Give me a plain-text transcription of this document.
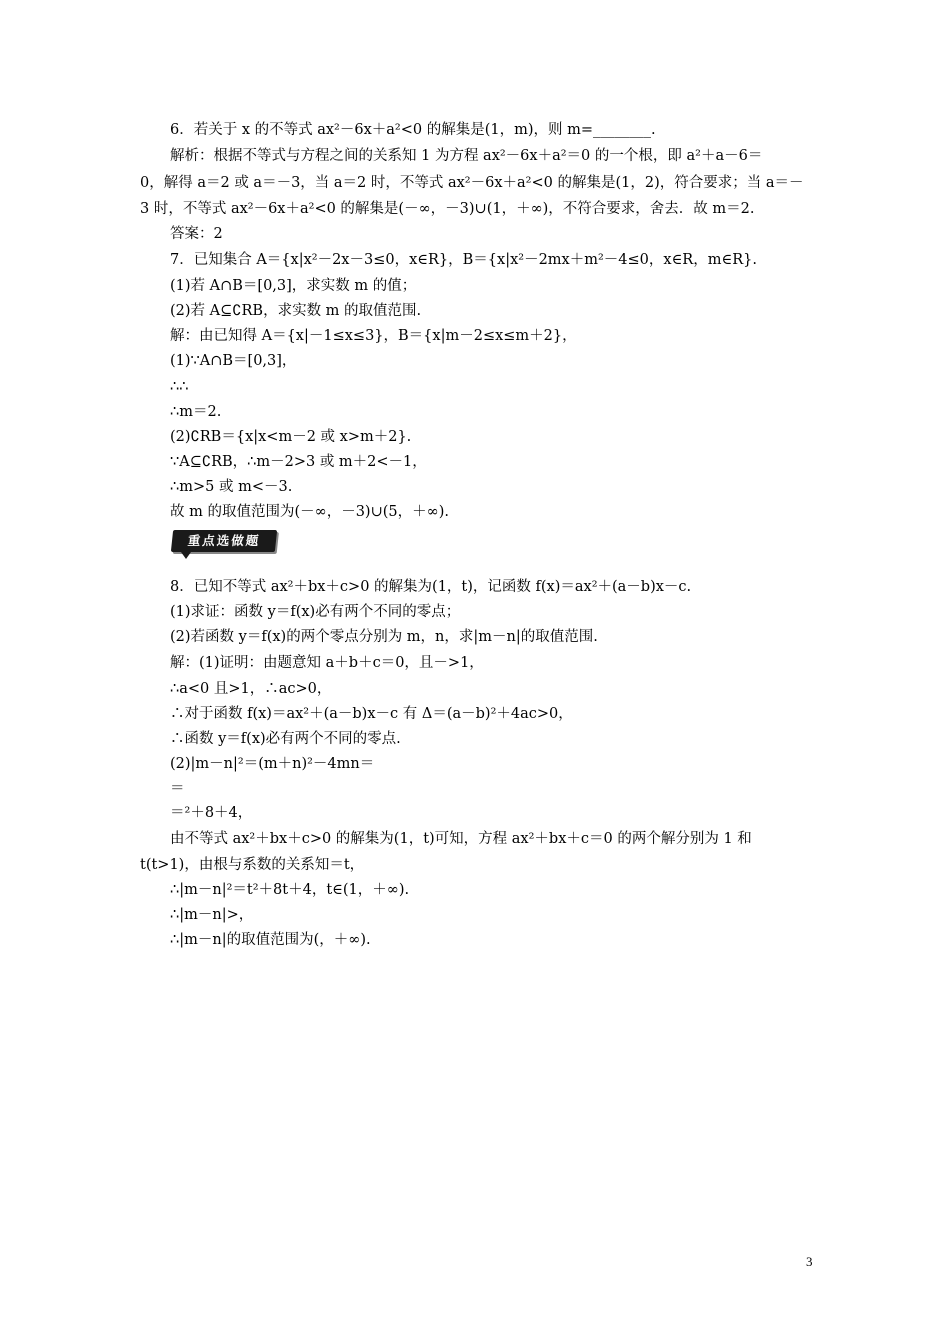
6．若关于 x 的不等式 ax²－6x＋a²<0 的解集是(1，m)，则 m=________.
解析：根据不等式与方程之间的关系知 1 为方程 ax²－6x＋a²＝0 的一个根，即 a²＋a－6＝
0，解得 a＝2 或 a＝－3，当 a＝2 时，不等式 ax²－6x＋a²<0 的解集是(1，2)，符合要求；当 a＝－
3 时，不等式 ax²－6x＋a²<0 的解集是(－∞，－3)∪(1，＋∞)，不符合要求，舍去．故 m＝2.
答案：2
7．已知集合 A＝{x|x²－2x－3≤0，x∈R}，B＝{x|x²－2mx＋m²－4≤0，x∈R，m∈R}.
(1)若 A∩B＝[0,3]，求实数 m 的值；
(2)若 A⊆∁RB，求实数 m 的取值范围.
解：由已知得 A＝{x|－1≤x≤3}，B＝{x|m－2≤x≤m＋2}，
(1)∵A∩B＝[0,3]，
∴∴
∴m＝2.
(2)∁RB＝{x|x<m－2 或 x>m＋2}.
∵A⊆∁RB，∴m－2>3 或 m＋2<－1，
∴m>5 或 m<－3.
故 m 的取值范围为(－∞，－3)∪(5，＋∞).
重点选做题
8．已知不等式 ax²＋bx＋c>0 的解集为(1，t)，记函数 f(x)＝ax²＋(a－b)x－c.
(1)求证：函数 y＝f(x)必有两个不同的零点；
(2)若函数 y＝f(x)的两个零点分别为 m，n，求|m－n|的取值范围.
解：(1)证明：由题意知 a＋b＋c＝0，且－>1，
∴a<0 且>1，∴ac>0，
∴对于函数 f(x)＝ax²＋(a－b)x－c 有 Δ＝(a－b)²＋4ac>0，
∴函数 y＝f(x)必有两个不同的零点.
(2)|m－n|²＝(m＋n)²－4mn＝
＝
＝²＋8＋4，
由不等式 ax²＋bx＋c>0 的解集为(1，t)可知，方程 ax²＋bx＋c＝0 的两个解分别为 1 和
t(t>1)，由根与系数的关系知＝t，
∴|m－n|²＝t²＋8t＋4，t∈(1，＋∞).
∴|m－n|>，
∴|m－n|的取值范围为(，＋∞).
3
